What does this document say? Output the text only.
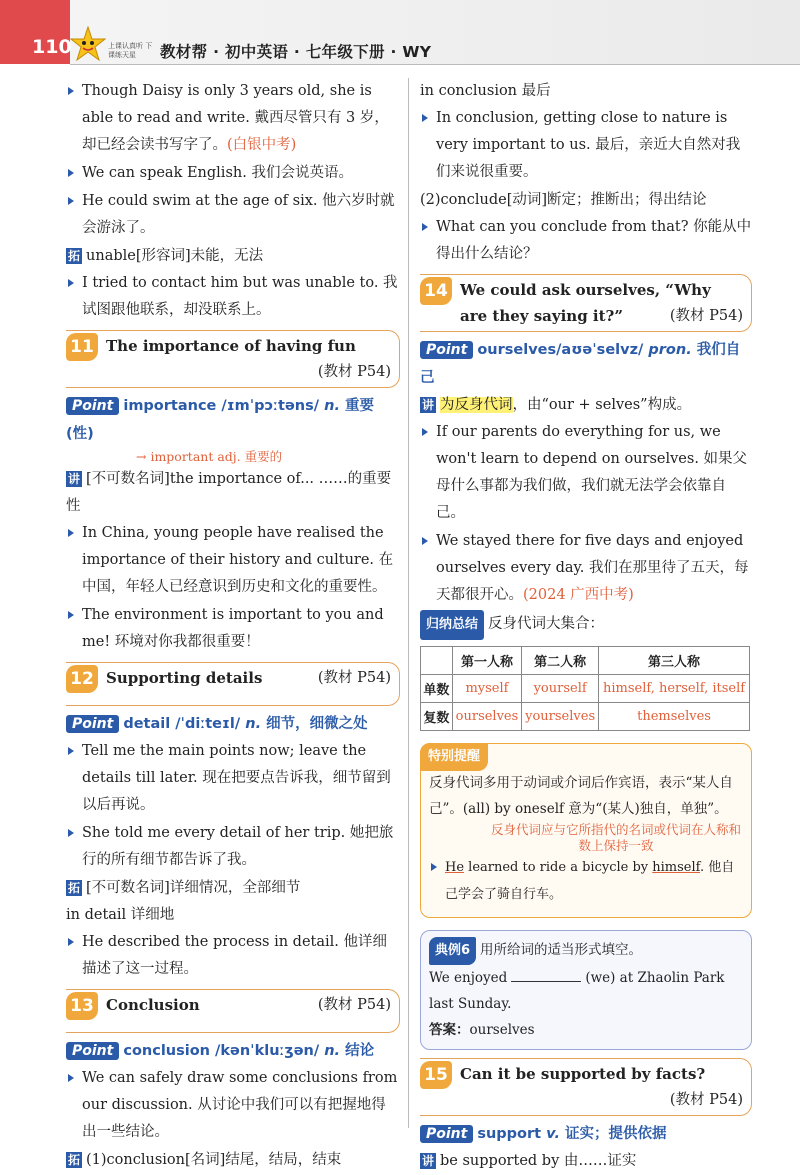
110	上课认真听 下课练天星	教材帮 · 初中英语 · 七年级下册 · WY

Though Daisy is only 3 years old, she is able to read and write. 戴西尽管只有 3 岁，却已经会读书写字了。(白银中考)

We can speak English. 我们会说英语。

He could swim at the age of six. 他六岁时就会游泳了。

拓 unable[形容词]未能，无法

I tried to contact him but was unable to. 我试图跟他联系，却没联系上。

11 The importance of having fun
(教材 P54)

Point importance /ɪmˈpɔːtəns/ n. 重要(性)

→ important adj. 重要的

讲 [不可数名词]the importance of... ……的重要性

In China, young people have realised the importance of their history and culture. 在中国，年轻人已经意识到历史和文化的重要性。

The environment is important to you and me! 环境对你我都很重要！

12 Supporting details	(教材 P54)

Point detail /ˈdiːteɪl/ n. 细节，细微之处

Tell me the main points now; leave the details till later. 现在把要点告诉我，细节留到以后再说。

She told me every detail of her trip. 她把旅行的所有细节都告诉了我。

拓 [不可数名词]详细情况，全部细节

in detail 详细地

He described the process in detail. 他详细描述了这一过程。

13 Conclusion	(教材 P54)

Point conclusion /kənˈkluːʒən/ n. 结论

We can safely draw some conclusions from our discussion. 从讨论中我们可以有把握地得出一些结论。

拓 (1)conclusion[名词]结尾，结局，结束

in conclusion 最后

In conclusion, getting close to nature is very important to us. 最后，亲近大自然对我们来说很重要。

(2)conclude[动词]断定；推断出；得出结论

What can you conclude from that? 你能从中得出什么结论？

14 We could ask ourselves, “Why are they saying it?”	(教材 P54)

Point ourselves/aʊəˈselvz/ pron. 我们自己

讲 为反身代词，由“our + selves”构成。

If our parents do everything for us, we won't learn to depend on ourselves. 如果父母什么事都为我们做，我们就无法学会依靠自己。

We stayed there for five days and enjoyed ourselves every day. 我们在那里待了五天，每天都很开心。(2024 广西中考)

归纳总结 反身代词大集合：

	第一人称	第二人称	第三人称
单数	myself	yourself	himself, herself, itself
复数	ourselves	yourselves	themselves
特别提醒

反身代词多用于动词或介词后作宾语，表示“某人自己”。(all) by oneself 意为“(某人)独自，单独”。

反身代词应与它所指代的名词或代词在人称和数上保持一致

He learned to ride a bicycle by himself. 他自己学会了骑自行车。

典例6 用所给词的适当形式填空。

We enjoyed	(we) at Zhaolin Park last Sunday.

答案：ourselves

15 Can it be supported by facts?
(教材 P54)

Point support v. 证实；提供依据

讲 be supported by 由……证实
